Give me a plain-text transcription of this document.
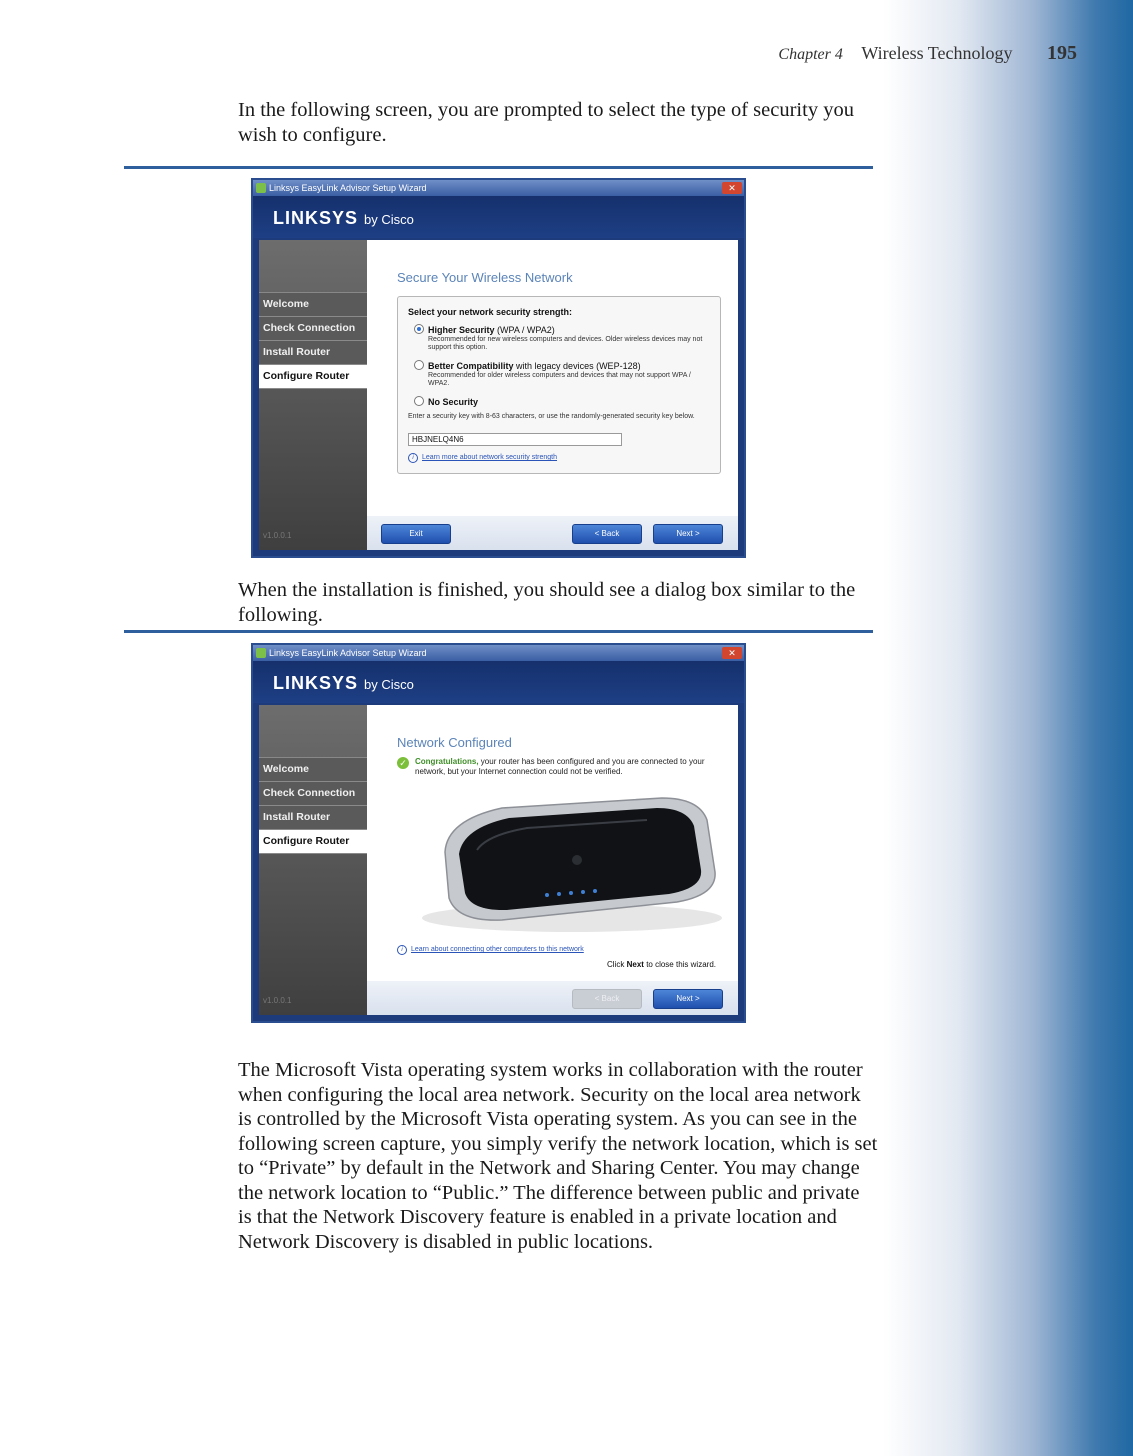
Chapter 4 Wireless Technology 195

In the following screen, you are prompted to select the type of security you wish to configure.

Linksys EasyLink Advisor Setup Wizard	✕
LINKSYS by Cisco
Welcome
Check Connection
Install Router
Configure Router
v1.0.0.1
Secure Your Wireless Network
Select your network security strength:
Higher Security (WPA / WPA2)
Recommended for new wireless computers and devices. Older wireless devices may not support this option.
Better Compatibility with legacy devices (WEP-128)
Recommended for older wireless computers and devices that may not support WPA / WPA2.
No Security
Enter a security key with 8-63 characters, or use the randomly-generated security key below.
HBJNELQ4N6
i Learn more about network security strength
Exit	< Back	Next >

When the installation is finished, you should see a dialog box similar to the following.

Linksys EasyLink Advisor Setup Wizard	✕
LINKSYS by Cisco
Welcome
Check Connection
Install Router
Configure Router
v1.0.0.1
Network Configured
✓	Congratulations, your router has been configured and you are connected to your network, but your Internet connection could not be verified.
i Learn about connecting other computers to this network
Click Next to close this wizard.
< Back	Next >

The Microsoft Vista operating system works in collaboration with the router when configuring the local area network. Security on the local area network is controlled by the Microsoft Vista operating system. As you can see in the following screen capture, you simply verify the network location, which is set to “Private” by default in the Network and Sharing Center. You may change the network location to “Public.” The difference between public and private is that the Network Discovery feature is enabled in a private location and Network Discovery is disabled in public locations.
